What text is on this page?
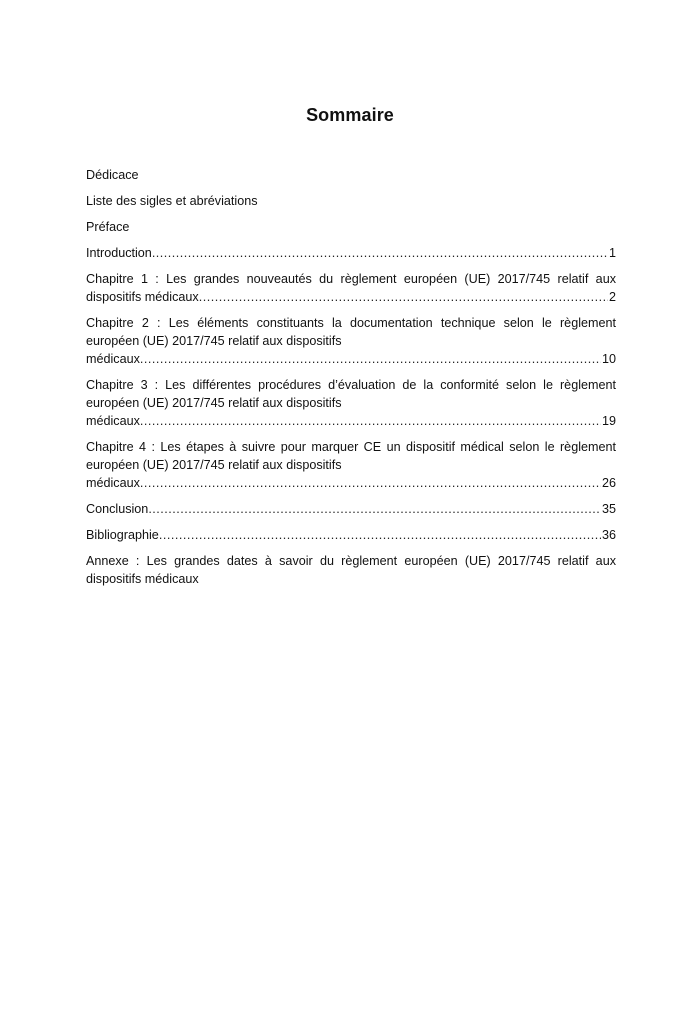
Sommaire
Dédicace
Liste des sigles et abréviations
Préface
Introduction .....	1
Chapitre 1 : Les grandes nouveautés du règlement européen (UE) 2017/745 relatif aux
dispositifs médicaux .....	2
Chapitre 2 : Les éléments constituants la documentation technique selon le règlement
européen (UE) 2017/745 relatif aux dispositifs
médicaux .....	10
Chapitre 3 : Les différentes procédures d’évaluation de la conformité selon le règlement
européen (UE) 2017/745 relatif aux dispositifs
médicaux .....	19
Chapitre 4 : Les étapes à suivre pour marquer CE un dispositif médical selon le règlement
européen (UE) 2017/745 relatif aux dispositifs
médicaux .....	26
Conclusion .....	35
Bibliographie .....	36
Annexe : Les grandes dates à savoir du règlement européen (UE) 2017/745 relatif aux
dispositifs médicaux
